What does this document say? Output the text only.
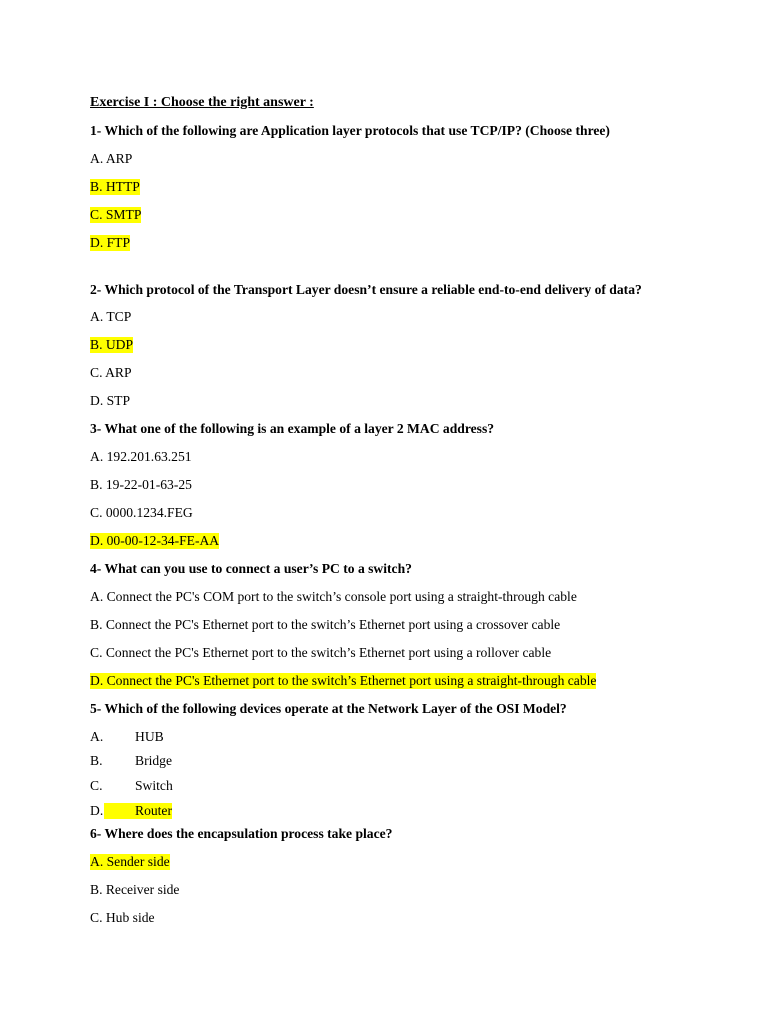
Exercise I : Choose the right answer :
1- Which of the following are Application layer protocols that use TCP/IP? (Choose three)
A. ARP
B. HTTP
C. SMTP
D. FTP
2- Which protocol of the Transport Layer doesn’t ensure a reliable end-to-end delivery of data?
A. TCP
B. UDP
C. ARP
D. STP
3- What one of the following is an example of a layer 2 MAC address?
A. 192.201.63.251
B. 19-22-01-63-25
C. 0000.1234.FEG
D. 00-00-12-34-FE-AA
4- What can you use to connect a user’s PC to a switch?
A. Connect the PC's COM port to the switch’s console port using a straight-through cable
B. Connect the PC's Ethernet port to the switch’s Ethernet port using a crossover cable
C. Connect the PC's Ethernet port to the switch’s Ethernet port using a rollover cable
D. Connect the PC's Ethernet port to the switch’s Ethernet port using a straight-through cable
5- Which of the following devices operate at the Network Layer of the OSI Model?
A. HUB
B. Bridge
C. Switch
D.	Router
6- Where does the encapsulation process take place?
A. Sender side
B. Receiver side
C. Hub side
